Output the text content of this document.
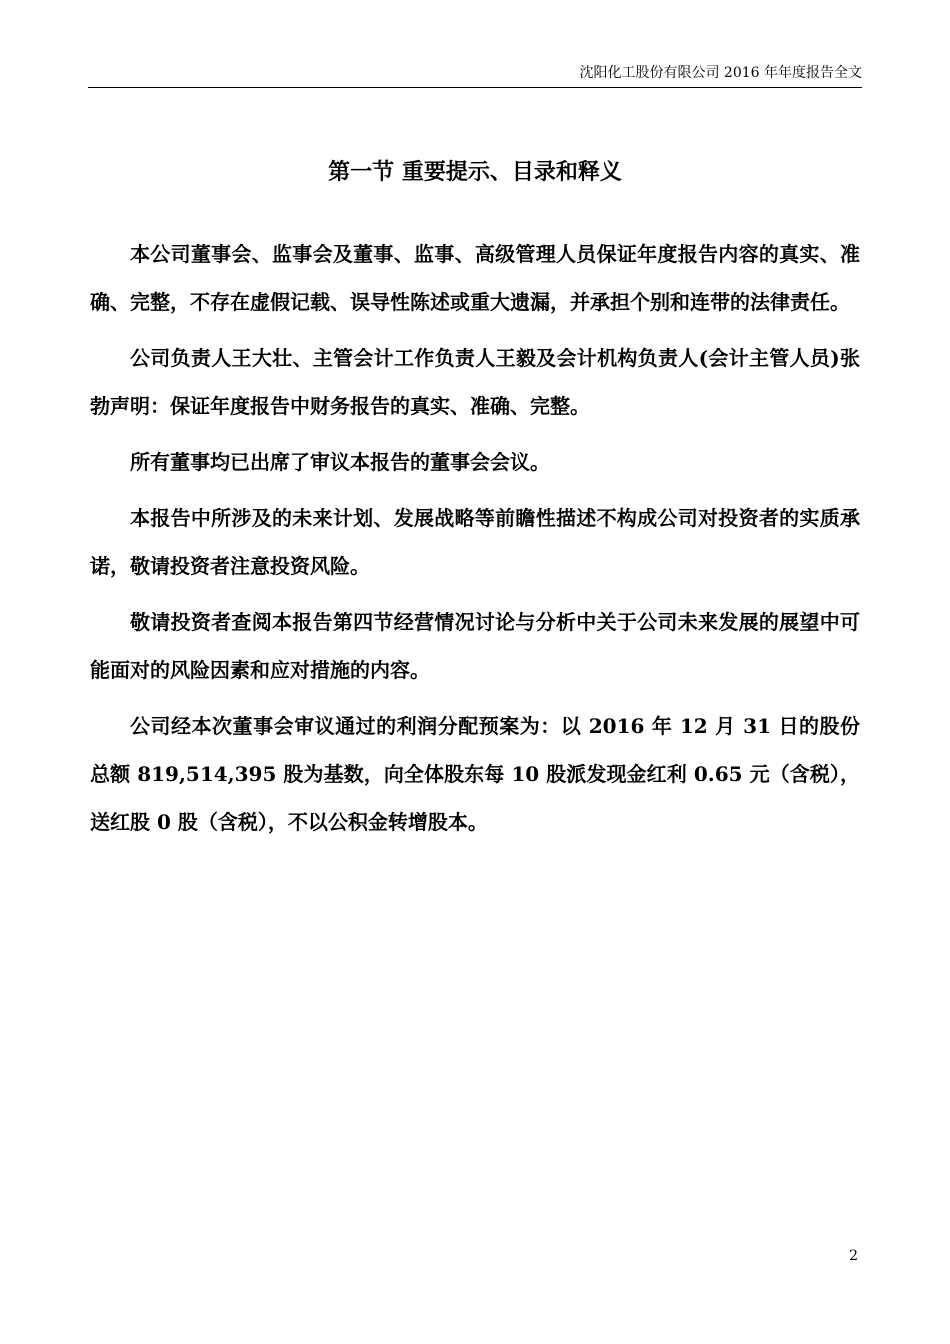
沈阳化工股份有限公司 2016 年年度报告全文
第一节 重要提示、目录和释义

本公司董事会、监事会及董事、监事、高级管理人员保证年度报告内容的真实、准确、完整，不存在虚假记载、误导性陈述或重大遗漏，并承担个别和连带的法律责任。

公司负责人王大壮、主管会计工作负责人王毅及会计机构负责人(会计主管人员)张勃声明：保证年度报告中财务报告的真实、准确、完整。

所有董事均已出席了审议本报告的董事会会议。

本报告中所涉及的未来计划、发展战略等前瞻性描述不构成公司对投资者的实质承诺，敬请投资者注意投资风险。

敬请投资者查阅本报告第四节经营情况讨论与分析中关于公司未来发展的展望中可能面对的风险因素和应对措施的内容。

公司经本次董事会审议通过的利润分配预案为：以 2016 年 12 月 31 日的股份总额 819,514,395 股为基数，向全体股东每 10 股派发现金红利 0.65 元（含税），送红股 0 股（含税），不以公积金转增股本。

2
